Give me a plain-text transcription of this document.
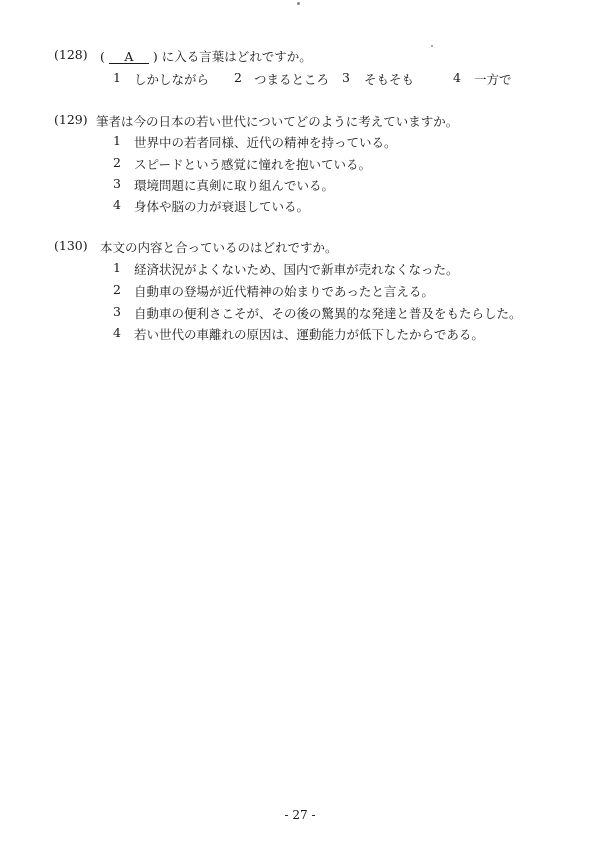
(128) ( A ) に入る言葉はどれですか。
1 しかしながら 2 つまるところ 3 そもそも	4 一方で
(129) 筆者は今の日本の若い世代についてどのように考えていますか。
1 世界中の若者同様、近代の精神を持っている。
2 スピードという感覚に憧れを抱いている。
3 環境問題に真剣に取り組んでいる。
4 身体や脳の力が衰退している。
(130) 本文の内容と合っているのはどれですか。
1 経済状況がよくないため、国内で新車が売れなくなった。
2 自動車の登場が近代精神の始まりであったと言える。
3 自動車の便利さこそが、その後の驚異的な発達と普及をもたらした。
4 若い世代の車離れの原因は、運動能力が低下したからである。
- 27 -
